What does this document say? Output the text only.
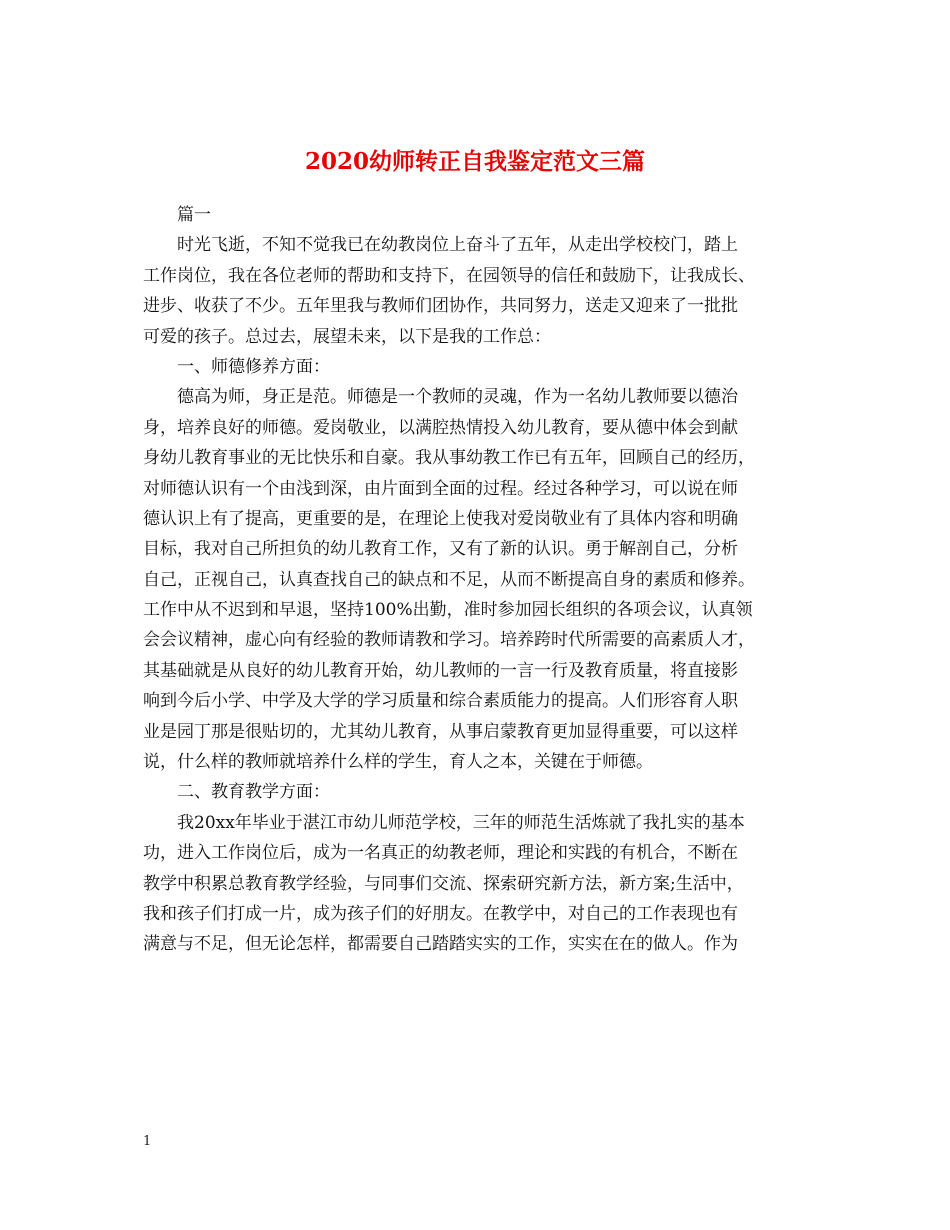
2020幼师转正自我鉴定范文三篇
篇一
时光飞逝，不知不觉我已在幼教岗位上奋斗了五年，从走出学校校门，踏上
工作岗位，我在各位老师的帮助和支持下，在园领导的信任和鼓励下，让我成长、
进步、收获了不少。五年里我与教师们团协作，共同努力，送走又迎来了一批批
可爱的孩子。总过去，展望未来，以下是我的工作总：
一、师德修养方面：
德高为师，身正是范。师德是一个教师的灵魂，作为一名幼儿教师要以德治
身，培养良好的师德。爱岗敬业，以满腔热情投入幼儿教育，要从德中体会到献
身幼儿教育事业的无比快乐和自豪。我从事幼教工作已有五年，回顾自己的经历，
对师德认识有一个由浅到深，由片面到全面的过程。经过各种学习，可以说在师
德认识上有了提高，更重要的是，在理论上使我对爱岗敬业有了具体内容和明确
目标，我对自己所担负的幼儿教育工作，又有了新的认识。勇于解剖自己，分析
自己，正视自己，认真查找自己的缺点和不足，从而不断提高自身的素质和修养。
工作中从不迟到和早退，坚持100%出勤，准时参加园长组织的各项会议，认真领
会会议精神，虚心向有经验的教师请教和学习。培养跨时代所需要的高素质人才，
其基础就是从良好的幼儿教育开始，幼儿教师的一言一行及教育质量，将直接影
响到今后小学、中学及大学的学习质量和综合素质能力的提高。人们形容育人职
业是园丁那是很贴切的，尤其幼儿教育，从事启蒙教育更加显得重要，可以这样
说，什么样的教师就培养什么样的学生，育人之本，关键在于师德。
二、教育教学方面：
我20xx年毕业于湛江市幼儿师范学校，三年的师范生活炼就了我扎实的基本
功，进入工作岗位后，成为一名真正的幼教老师，理论和实践的有机合，不断在
教学中积累总教育教学经验，与同事们交流、探索研究新方法，新方案;生活中，
我和孩子们打成一片，成为孩子们的好朋友。在教学中，对自己的工作表现也有
满意与不足，但无论怎样，都需要自己踏踏实实的工作，实实在在的做人。作为
1
